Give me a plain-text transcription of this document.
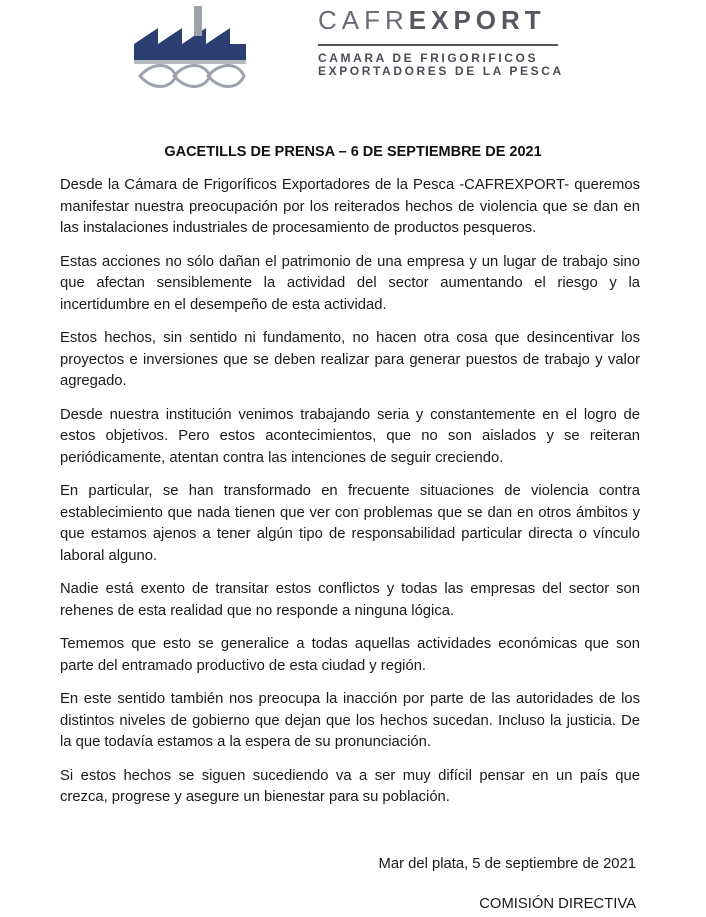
CAFREXPORT
CAMARA DE FRIGORIFICOS
EXPORTADORES DE LA PESCA
GACETILLS DE PRENSA – 6 DE SEPTIEMBRE DE 2021

Desde la Cámara de Frigoríficos Exportadores de la Pesca -CAFREXPORT- queremos manifestar nuestra preocupación por los reiterados hechos de violencia que se dan en las instalaciones industriales de procesamiento de productos pesqueros.

Estas acciones no sólo dañan el patrimonio de una empresa y un lugar de trabajo sino que afectan sensiblemente la actividad del sector aumentando el riesgo y la incertidumbre en el desempeño de esta actividad.

Estos hechos, sin sentido ni fundamento, no hacen otra cosa que desincentivar los proyectos e inversiones que se deben realizar para generar puestos de trabajo y valor agregado.

Desde nuestra institución venimos trabajando seria y constantemente en el logro de estos objetivos. Pero estos acontecimientos, que no son aislados y se reiteran periódicamente, atentan contra las intenciones de seguir creciendo.

En particular, se han transformado en frecuente situaciones de violencia contra establecimiento que nada tienen que ver con problemas que se dan en otros ámbitos y que estamos ajenos a tener algún tipo de responsabilidad particular directa o vínculo laboral alguno.

Nadie está exento de transitar estos conflictos y todas las empresas del sector son rehenes de esta realidad que no responde a ninguna lógica.

Tememos que esto se generalice a todas aquellas actividades económicas que son parte del entramado productivo de esta ciudad y región.

En este sentido también nos preocupa la inacción por parte de las autoridades de los distintos niveles de gobierno que dejan que los hechos sucedan. Incluso la justicia. De la que todavía estamos a la espera de su pronunciación.

Si estos hechos se siguen sucediendo va a ser muy difícil pensar en un país que crezca, progrese y asegure un bienestar para su población.

Mar del plata, 5 de septiembre de 2021
COMISIÓN DIRECTIVA
